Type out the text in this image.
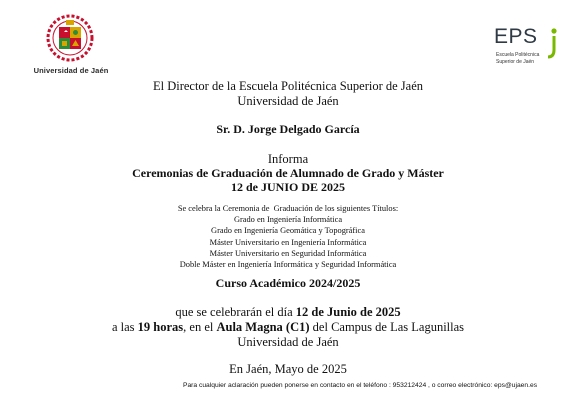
Universidad de Jaén
EPS
Escuela Politécnica
Superior de Jaén
El Director de la Escuela Politécnica Superior de Jaén
Universidad de Jaén
Sr. D. Jorge Delgado García
Informa
Ceremonias de Graduación de Alumnado de Grado y Máster
12 de JUNIO DE 2025
Se celebra la Ceremonia de  Graduación de los siguientes Títulos:
Grado en Ingeniería Informática
Grado en Ingeniería Geomática y Topográfica
Máster Universitario en Ingeniería Informática
Máster Universitario en Seguridad Informática
Doble Máster en Ingeniería Informática y Seguridad Informática
Curso Académico 2024/2025
que se celebrarán el día 12 de Junio de 2025
a las 19 horas, en el Aula Magna (C1) del Campus de Las Lagunillas
Universidad de Jaén
En Jaén, Mayo de 2025
Para cualquier aclaración pueden ponerse en contacto en el teléfono : 953212424 , o correo electrónico: eps@ujaen.es
